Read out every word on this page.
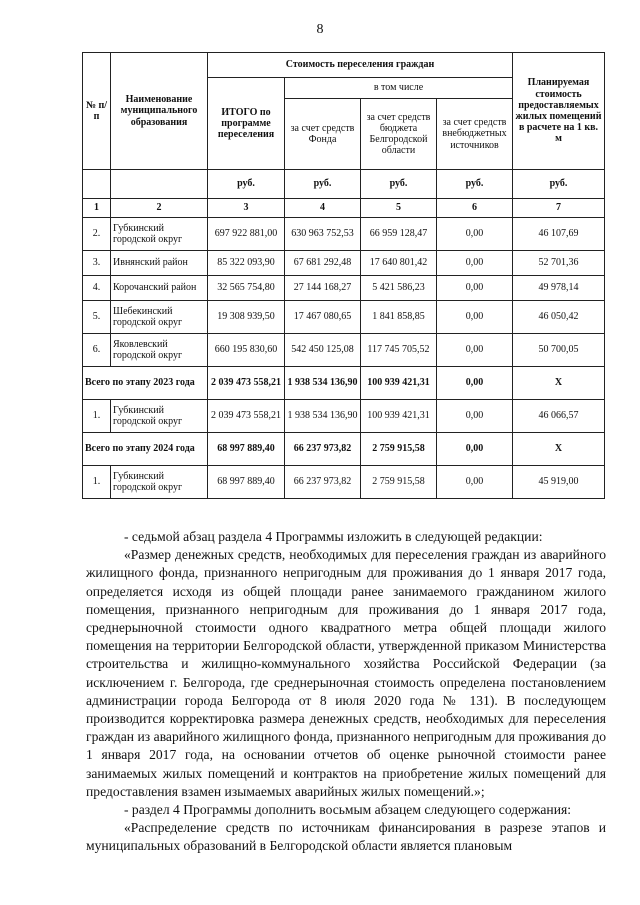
8
№ п/п	Наименование муниципального образования	Стоимость переселения граждан				Планируемая стоимость предоставляемых жилых помещений в расчете на 1 кв. м
		ИТОГО по программе переселения	в том числе			
			за счет средств Фонда	за счет средств бюджета Белгородской области	за счет средств внебюджетных источников	
		руб.	руб.	руб.	руб.	руб.
1	2	3	4	5	6	7
2.	Губкинский городской округ	697 922 881,00	630 963 752,53	66 959 128,47	0,00	46 107,69
3.	Ивнянский район	85 322 093,90	67 681 292,48	17 640 801,42	0,00	52 701,36
4.	Корочанский район	32 565 754,80	27 144 168,27	5 421 586,23	0,00	49 978,14
5.	Шебекинский городской округ	19 308 939,50	17 467 080,65	1 841 858,85	0,00	46 050,42
6.	Яковлевский городской округ	660 195 830,60	542 450 125,08	117 745 705,52	0,00	50 700,05
Всего по этапу 2023 года		2 039 473 558,21	1 938 534 136,90	100 939 421,31	0,00	Х
1.	Губкинский городской округ	2 039 473 558,21	1 938 534 136,90	100 939 421,31	0,00	46 066,57
Всего по этапу 2024 года		68 997 889,40	66 237 973,82	2 759 915,58	0,00	Х
1.	Губкинский городской округ	68 997 889,40	66 237 973,82	2 759 915,58	0,00	45 919,00

- седьмой абзац раздела 4 Программы изложить в следующей редакции:

«Размер денежных средств, необходимых для переселения граждан из аварийного жилищного фонда, признанного непригодным для проживания до 1 января 2017 года, определяется исходя из общей площади ранее занимаемого гражданином жилого помещения, признанного непригодным для проживания до 1 января 2017 года, среднерыночной стоимости одного квадратного метра общей площади жилого помещения на территории Белгородской области, утвержденной приказом Министерства строительства и жилищно-коммунального хозяйства Российской Федерации (за исключением г. Белгорода, где среднерыночная стоимость определена постановлением администрации города Белгорода от 8 июля 2020 года № 131). В последующем производится корректировка размера денежных средств, необходимых для переселения граждан из аварийного жилищного фонда, признанного непригодным для проживания до 1 января 2017 года, на основании отчетов об оценке рыночной стоимости ранее занимаемых жилых помещений и контрактов на приобретение жилых помещений для предоставления взамен изымаемых аварийных жилых помещений.»;

- раздел 4 Программы дополнить восьмым абзацем следующего содержания:

«Распределение средств по источникам финансирования в разрезе этапов и муниципальных образований в Белгородской области является плановым
